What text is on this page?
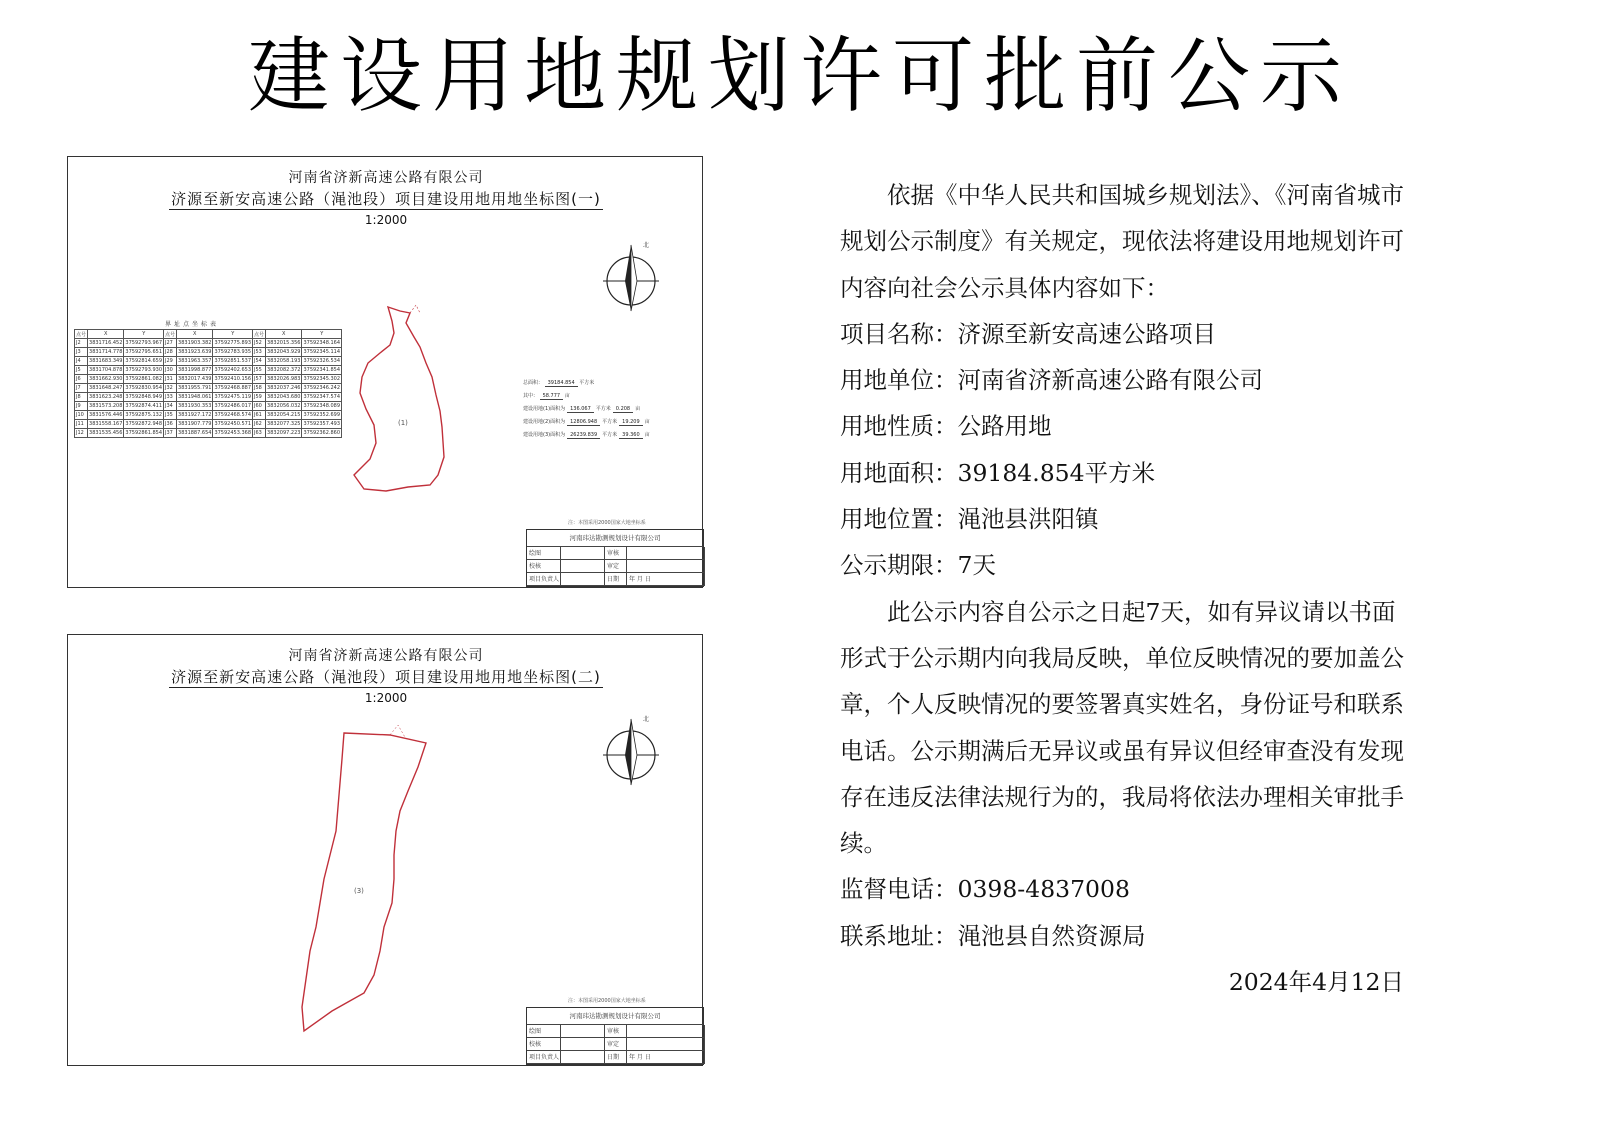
建设用地规划许可批前公示
河南省济新高速公路有限公司
济源至新安高速公路（渑池段）项目建设用地用地坐标图(一)
1:2000
北
(1)
界址点坐标表
点号	X	Y	点号	X	Y	点号	X	Y
J2	3831716.452	37592793.967	J27	3831903.382	37592775.893	J52	3832015.356	37592348.164
J3	3831714.778	37592795.651	J28	3831923.639	37592783.935	J53	3832043.929	37592345.114
J4	3831683.349	37592814.659	J29	3831963.357	37592851.537	J54	3832058.193	37592326.534
J5	3831704.878	37592793.930	J30	3831998.877	37592402.653	J55	3832082.372	37592341.854
J6	3831662.930	37592861.082	J31	3832017.439	37592410.156	J57	3832026.983	37592345.302
J7	3831648.247	37592830.954	J32	3831955.791	37592468.887	J58	3832037.246	37592346.242
J8	3831623.248	37592848.949	J33	3831948.061	37592475.119	J59	3832043.680	37592347.574
J9	3831573.208	37592874.411	J34	3831930.353	37592486.017	J60	3832056.032	37592348.089
J10	3831576.446	37592875.132	J35	3831927.172	37592468.574	J61	3832054.215	37592352.699
J11	3831558.167	37592872.948	J36	3831907.779	37592450.571	J62	3832077.325	37592357.493
J12	3831535.456	37592861.854	J37	3831887.654	37592453.368	J63	3832097.223	37592362.860
总面积： 39184.854 平方米
其中： 58.777 亩
建设用地(1)面积为 136.067 平方米 0.208 亩
建设用地(2)面积为 12806.948 平方米 19.209 亩
建设用地(3)面积为 26239.839 平方米 39.360 亩
注：本图采用2000国家大地坐标系
河南玮达勘测规划设计有限公司
绘图	审核
校核	审定
项目负责人	日期	年 月 日
河南省济新高速公路有限公司
济源至新安高速公路（渑池段）项目建设用地用地坐标图(二)
1:2000
北
(3)
注：本图采用2000国家大地坐标系
河南玮达勘测规划设计有限公司
绘图	审核
校核	审定
项目负责人	日期	年 月 日

依据《中华人民共和国城乡规划法》、《河南省城市规划公示制度》有关规定，现依法将建设用地规划许可内容向社会公示具体内容如下：

项目名称：济源至新安高速公路项目

用地单位：河南省济新高速公路有限公司

用地性质：公路用地

用地面积：39184.854平方米

用地位置：渑池县洪阳镇

公示期限：7天

此公示内容自公示之日起7天，如有异议请以书面形式于公示期内向我局反映，单位反映情况的要加盖公章，个人反映情况的要签署真实姓名，身份证号和联系电话。公示期满后无异议或虽有异议但经审查没有发现存在违反法律法规行为的，我局将依法办理相关审批手续。

监督电话：0398-4837008

联系地址：渑池县自然资源局

2024年4月12日
